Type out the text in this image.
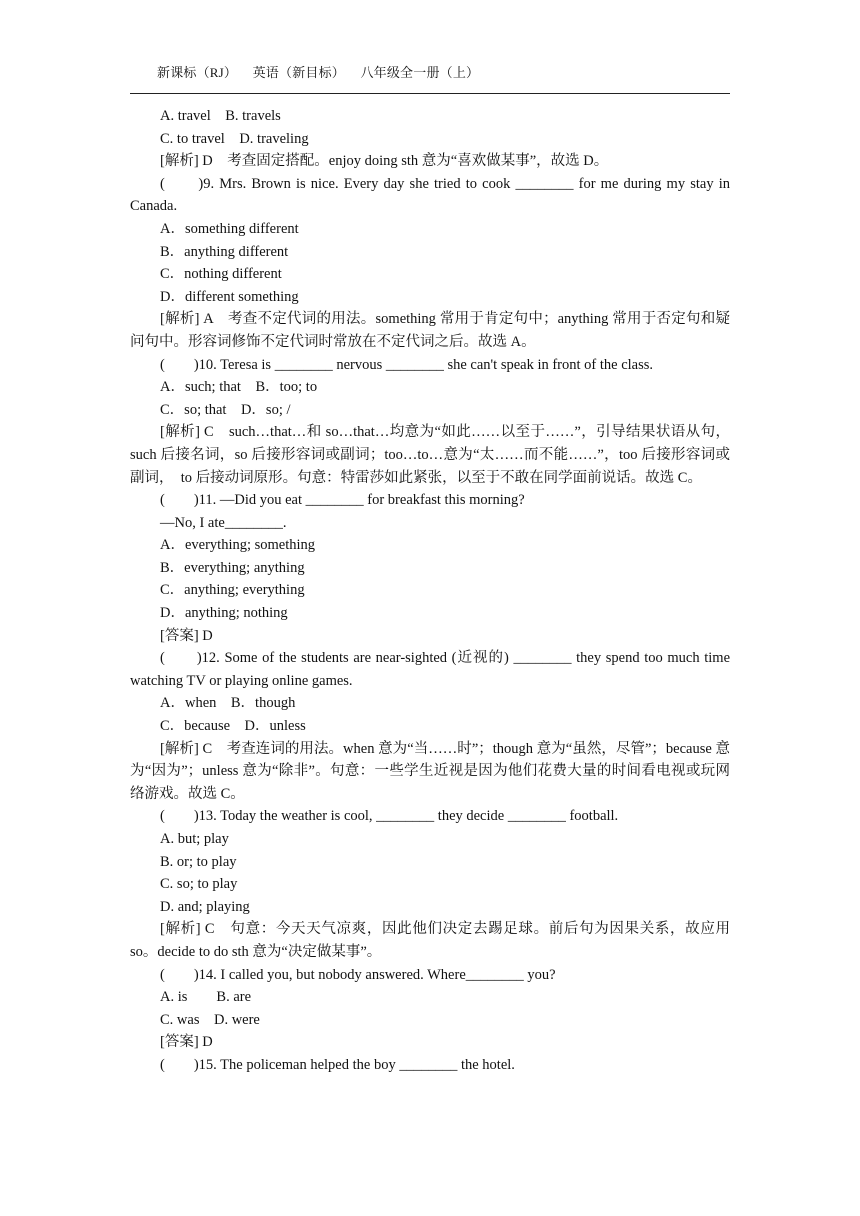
新课标（RJ） 英语（新目标） 八年级全一册（上）
A. travel    B. travels
C. to travel    D. traveling
[解析] D　考查固定搭配。enjoy doing sth 意为“喜欢做某事”，故选 D。
(　　)9. Mrs. Brown is nice. Every day she tried to cook ________ for me during my stay in Canada.
A．something different
B．anything different
C．nothing different
D．different something
[解析] A　考查不定代词的用法。something 常用于肯定句中；anything 常用于否定句和疑问句中。形容词修饰不定代词时常放在不定代词之后。故选 A。
(　　)10. Teresa is ________ nervous ________ she can't speak in front of the class.
A．such; that　B．too; to
C．so; that　D．so; /
[解析] C　such…that…和 so…that…均意为“如此……以至于……”，引导结果状语从句，such 后接名词，so 后接形容词或副词；too…to…意为“太……而不能……”，too 后接形容词或副词，　to 后接动词原形。句意：特雷莎如此紧张，以至于不敢在同学面前说话。故选 C。
(　　)11. —Did you eat ________ for breakfast this morning?
—No, I ate________.
A．everything; something
B．everything; anything
C．anything; everything
D．anything; nothing
[答案] D
(　　)12. Some of the students are near-sighted (近视的) ________ they spend too much time watching TV or playing online games.
A．when　B．though
C．because　D．unless
[解析] C　考查连词的用法。when 意为“当……时”；though 意为“虽然，尽管”；because 意为“因为”；unless 意为“除非”。句意：一些学生近视是因为他们花费大量的时间看电视或玩网络游戏。故选 C。
(　　)13. Today the weather is cool, ________ they decide ________ football.
A. but; play
B. or; to play
C. so; to play
D. and; playing
[解析] C　句意：今天天气凉爽，因此他们决定去踢足球。前后句为因果关系，故应用 so。decide to do sth 意为“决定做某事”。
(　　)14. I called you, but nobody answered. Where________ you?
A. is　　B. are
C. was　D. were
[答案] D
(　　)15. The policeman helped the boy ________ the hotel.
